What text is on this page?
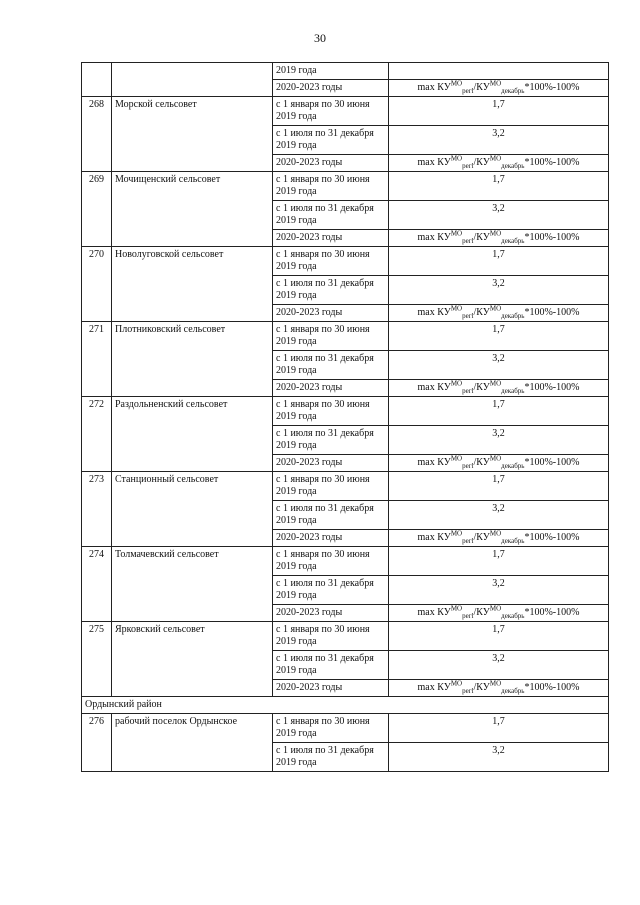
30
		2019 года	
		2020-2023 годы	$\max КУ^{МО}_{регl}/КУ^{МО}_{декабрь}*100\%-100\%$
268	Морской сельсовет	с 1 января по 30 июня 2019 года	1,7
		с 1 июля по 31 декабря 2019 года	3,2
		2020-2023 годы	$\max КУ^{МО}_{регl}/КУ^{МО}_{декабрь}*100\%-100\%$
269	Мочищенский сельсовет	с 1 января по 30 июня 2019 года	1,7
		с 1 июля по 31 декабря 2019 года	3,2
		2020-2023 годы	$\max КУ^{МО}_{регl}/КУ^{МО}_{декабрь}*100\%-100\%$
270	Новолуговской сельсовет	с 1 января по 30 июня 2019 года	1,7
		с 1 июля по 31 декабря 2019 года	3,2
		2020-2023 годы	$\max КУ^{МО}_{регl}/КУ^{МО}_{декабрь}*100\%-100\%$
271	Плотниковский сельсовет	с 1 января по 30 июня 2019 года	1,7
		с 1 июля по 31 декабря 2019 года	3,2
		2020-2023 годы	$\max КУ^{МО}_{регl}/КУ^{МО}_{декабрь}*100\%-100\%$
272	Раздольненский сельсовет	с 1 января по 30 июня 2019 года	1,7
		с 1 июля по 31 декабря 2019 года	3,2
		2020-2023 годы	$\max КУ^{МО}_{регl}/КУ^{МО}_{декабрь}*100\%-100\%$
273	Станционный сельсовет	с 1 января по 30 июня 2019 года	1,7
		с 1 июля по 31 декабря 2019 года	3,2
		2020-2023 годы	$\max КУ^{МО}_{регl}/КУ^{МО}_{декабрь}*100\%-100\%$
274	Толмачевский сельсовет	с 1 января по 30 июня 2019 года	1,7
		с 1 июля по 31 декабря 2019 года	3,2
		2020-2023 годы	$\max КУ^{МО}_{регl}/КУ^{МО}_{декабрь}*100\%-100\%$
275	Ярковский сельсовет	с 1 января по 30 июня 2019 года	1,7
		с 1 июля по 31 декабря 2019 года	3,2
		2020-2023 годы	$\max КУ^{МО}_{регl}/КУ^{МО}_{декабрь}*100\%-100\%$
Ордынский район			
276	рабочий поселок Ордынское	с 1 января по 30 июня 2019 года	1,7
		с 1 июля по 31 декабря 2019 года	3,2
